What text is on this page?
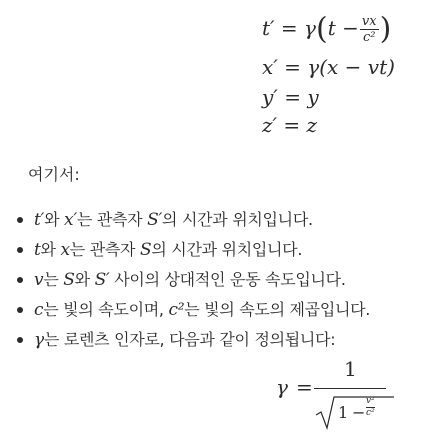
$t' = \gamma(t - \frac{vx}{\text{c²}}$ )
x′ = γ(x − vt)
y′ = y
z′ = z
여기서:
t′와 x′는 관측자 S′의 시간과 위치입니다.
t와 x는 관측자 S의 시간과 위치입니다.
v는 S와 S′ 사이의 상대적인 운동 속도입니다.
c는 빛의 속도이며, c²는 빛의 속도의 제곱입니다.
γ는 로렌츠 인자로, 다음과 같이 정의됩니다:
γ =
1
$1 - \frac{\text{v²}}{\text{c²}}$
